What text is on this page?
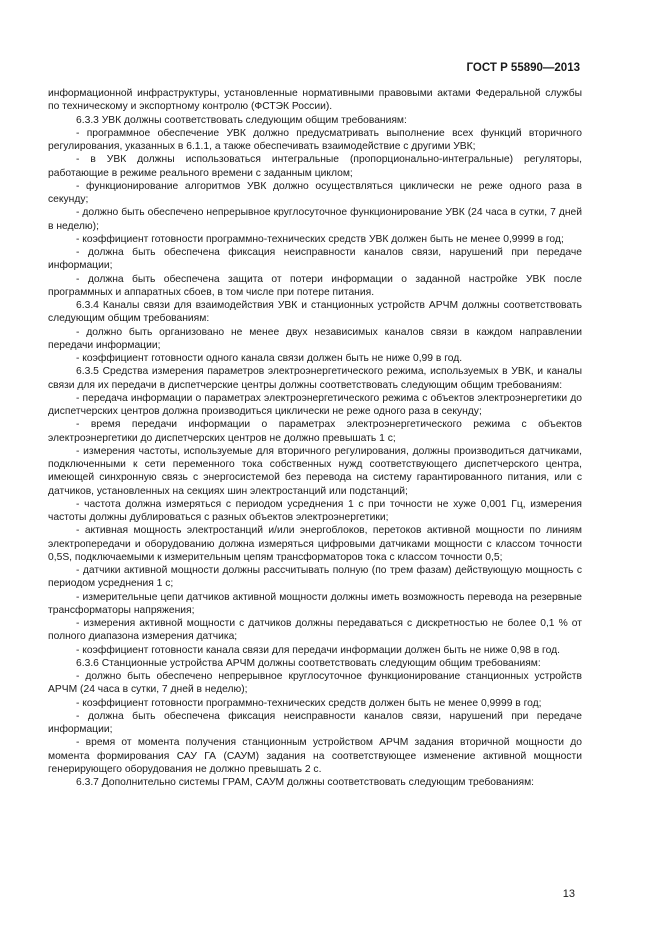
ГОСТ Р 55890—2013

информационной инфраструктуры, установленные нормативными правовыми актами Федеральной службы по техническому и экспортному контролю (ФСТЭК России).

6.3.3 УВК должны соответствовать следующим общим требованиям:

- программное обеспечение УВК должно предусматривать выполнение всех функций вторичного регулирования, указанных в 6.1.1, а также обеспечивать взаимодействие с другими УВК;

- в УВК должны использоваться интегральные (пропорционально-интегральные) регуляторы, работающие в режиме реального времени с заданным циклом;

- функционирование алгоритмов УВК должно осуществляться циклически не реже одного раза в секунду;

- должно быть обеспечено непрерывное круглосуточное функционирование УВК (24 часа в сутки, 7 дней в неделю);

- коэффициент готовности программно-технических средств УВК должен быть не менее 0,9999 в год;

- должна быть обеспечена фиксация неисправности каналов связи, нарушений при передаче информации;

- должна быть обеспечена защита от потери информации о заданной настройке УВК после программных и аппаратных сбоев, в том числе при потере питания.

6.3.4 Каналы связи для взаимодействия УВК и станционных устройств АРЧМ должны соответствовать следующим общим требованиям:

- должно быть организовано не менее двух независимых каналов связи в каждом направлении передачи информации;

- коэффициент готовности одного канала связи должен быть не ниже 0,99 в год.

6.3.5 Средства измерения параметров электроэнергетического режима, используемых в УВК, и каналы связи для их передачи в диспетчерские центры должны соответствовать следующим общим требованиям:

- передача информации о параметрах электроэнергетического режима с объектов электроэнергетики до диспетчерских центров должна производиться циклически не реже одного раза в секунду;

- время передачи информации о параметрах электроэнергетического режима с объектов электроэнергетики до диспетчерских центров не должно превышать 1 с;

- измерения частоты, используемые для вторичного регулирования, должны производиться датчиками, подключенными к сети переменного тока собственных нужд соответствующего диспетчерского центра, имеющей синхронную связь с энергосистемой без перевода на систему гарантированного питания, или с датчиков, установленных на секциях шин электростанций или подстанций;

- частота должна измеряться с периодом усреднения 1 с при точности не хуже 0,001 Гц, измерения частоты должны дублироваться с разных объектов электроэнергетики;

- активная мощность электростанций и/или энергоблоков, перетоков активной мощности по линиям электропередачи и оборудованию должна измеряться цифровыми датчиками мощности с классом точности 0,5S, подключаемыми к измерительным цепям трансформаторов тока с классом точности 0,5;

- датчики активной мощности должны рассчитывать полную (по трем фазам) действующую мощность с периодом усреднения 1 с;

- измерительные цепи датчиков активной мощности должны иметь возможность перевода на резервные трансформаторы напряжения;

- измерения активной мощности с датчиков должны передаваться с дискретностью не более 0,1 % от полного диапазона измерения датчика;

- коэффициент готовности канала связи для передачи информации должен быть не ниже 0,98 в год.

6.3.6 Станционные устройства АРЧМ должны соответствовать следующим общим требованиям:

- должно быть обеспечено непрерывное круглосуточное функционирование станционных устройств АРЧМ (24 часа в сутки, 7 дней в неделю);

- коэффициент готовности программно-технических средств должен быть не менее 0,9999 в год;

- должна быть обеспечена фиксация неисправности каналов связи, нарушений при передаче информации;

- время от момента получения станционным устройством АРЧМ задания вторичной мощности до момента формирования САУ ГА (САУМ) задания на соответствующее изменение активной мощности генерирующего оборудования не должно превышать 2 с.

6.3.7 Дополнительно системы ГРАМ, САУМ должны соответствовать следующим требованиям:

13
